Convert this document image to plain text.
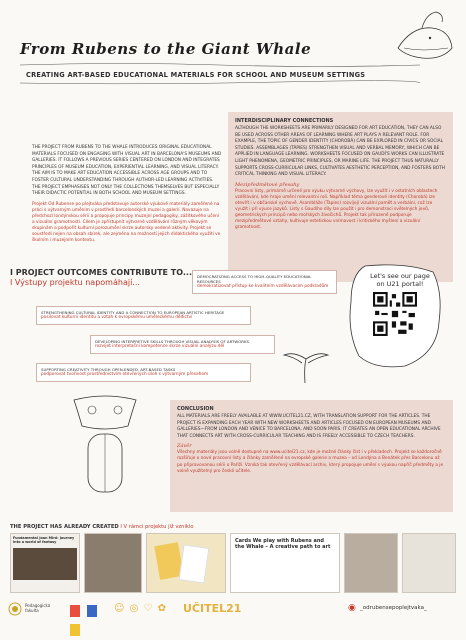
From Rubens to the Giant Whale
CREATING ART-BASED EDUCATIONAL MATERIALS FOR SCHOOL AND MUSEUM SETTINGS
THE PROJECT FROM RUBENS TO THE WHALE INTRODUCES ORIGINAL EDUCATIONAL MATERIALS FOCUSED ON ENGAGING WITH VISUAL ART IN BARCELONA'S MUSEUMS AND GALLERIES. IT FOLLOWS A PREVIOUS SERIES CENTERED ON LONDON AND INTEGRATES PRINCIPLES OF MUSEUM EDUCATION, EXPERIENTIAL LEARNING, AND VISUAL LITERACY. THE AIM IS TO MAKE ART EDUCATION ACCESSIBLE ACROSS AGE GROUPS AND TO FOSTER CULTURAL UNDERSTANDING THROUGH AUTHOR-LED LEARNING ACTIVITIES. THE PROJECT EMPHASISES NOT ONLY THE COLLECTIONS THEMSELVES BUT ESPECIALLY THEIR DIDACTIC POTENTIAL IN BOTH SCHOOL AND MUSEUM SETTINGS.
Projekt Od Rubense po plejtváka představuje autorské výukové materiály zaměřené na práci s výtvarným uměním v prostředí barcelonských muzeí a galerií. Navazuje na předchozí londýnskou sérii a propojuje principy muzejní pedagogiky, zážitkového učení a vizuální gramotnosti. Cílem je zpřístupnit výtvarné vzdělávání různým věkovým skupinám a podpořit kulturní porozumění skrze autorsky vedené aktivity. Projekt se soustředí nejen na obsah sbírek, ale zejména na možnosti jejich didaktického využití ve školním i muzejním kontextu.
INTERDISCIPLINARY CONNECTIONS
ALTHOUGH THE WORKSHEETS ARE PRIMARILY DESIGNED FOR ART EDUCATION, THEY CAN ALSO BE USED ACROSS OTHER AREAS OF LEARNING WHERE ART PLAYS A RELEVANT ROLE. FOR EXAMPLE, THE TOPIC OF GENDER IDENTITY (CHOROBÁ) CAN BE EXPLORED IN CIVICS OR SOCIAL STUDIES. ASSEMBLAGES (TÀPIES) STRENGTHEN VISUAL AND VERBAL MEMORY, WHICH CAN BE APPLIED IN LANGUAGE LEARNING. WORKSHEETS FOCUSED ON GAUDÍ'S WORKS CAN ILLUSTRATE LIGHT PHENOMENA, GEOMETRIC PRINCIPLES, OR MARINE LIFE. THE PROJECT THUS NATURALLY SUPPORTS CROSS-CURRICULAR LINKS, CULTIVATES AESTHETIC PERCEPTION, AND FOSTERS BOTH CRITICAL THINKING AND VISUAL LITERACY.
Mezipředmětové přesahy
Pracovní listy, primárně určené pro výuku výtvarné výchovy, lze využít i v ostatních oblastech vzdělávání, kde hraje umění relevantní roli. Například téma genderové identity (Chorobá) lze otevřít i v občanské výchově. Asambláže (Tàpies) rozvíjejí vizuální paměť a verbální, což lze využít i při výuce jazyků. Listy s Gaudího díly lze použít i pro demonstraci světelných jevů, geometrických principů nebo mořských živočichů. Projekt tak přirozeně podporuje mezipředmětové vztahy, kultivuje estetickou vnímavost i kritického myšlení a vizuální gramotnost.
I PROJECT OUTCOMES CONTRIBUTE TO...
I Výstupy projektu napomáhají...
DEMOCRATIZING ACCESS TO HIGH-QUALITY EDUCATIONAL RESOURCES
demokratizovat přístup ke kvalitním vzdělávacím podkladům
STRENGTHENING CULTURAL IDENTITY AND A CONNECTION TO EUROPEAN ARTISTIC HERITAGE
posilovat kulturní identitu a vztah k evropskému uměleckému dědictví
DEVELOPING INTERPRETIVE SKILLS THROUGH VISUAL ANALYSIS OF ARTWORKS
rozvíjet interpretační kompetence skrze vizuální analýzu děl
SUPPORTING CREATIVITY THROUGH OPEN-ENDED, ART-BASED TASKS
podporovat tvořivost prostřednictvím otevřených úloh s výtvarným přesahem
Let's see our page
on U21 portal!
CONCLUSION
ALL MATERIALS ARE FREELY AVAILABLE AT WWW.UCITEL21.CZ, WITH TRANSLATION SUPPORT FOR THE ARTICLES. THE PROJECT IS EXPANDING EACH YEAR WITH NEW WORKSHEETS AND ARTICLES FOCUSED ON EUROPEAN MUSEUMS AND GALLERIES—FROM LONDON AND VENICE TO BARCELONA, AND SOON PARIS. IT CREATES AN OPEN EDUCATIONAL ARCHIVE THAT CONNECTS ART WITH CROSS-CURRICULAR TEACHING AND IS FREELY ACCESSIBLE TO CZECH TEACHERS.
Závěr
Všechny materiály jsou volně dostupné na www.ucitel21.cz, kde je možné články číst i v překladech. Projekt se každoročně rozšiřuje o nové pracovní listy a články zaměřené na evropské galerie a muzea – od Londýna a Benátek přes Barcelonu až po připravovanou sérii o Paříži. Vzniká tak otevřený vzdělávací archiv, který propojuje umění s výukou napříč předměty a je volně využitelný pro české učitele.
THE PROJECT HAS ALREADY CREATED I V rámci projektu již vzniklo
Fundamental Joan Miró: journey into a world of fantasy	Cards We play with Rubens and the Whale – A creative path to art
Pedagogická fakulta
	☺ ◎ ♡ ✿ UČITEL21	◉ _odrubensepoplejtvaka_
